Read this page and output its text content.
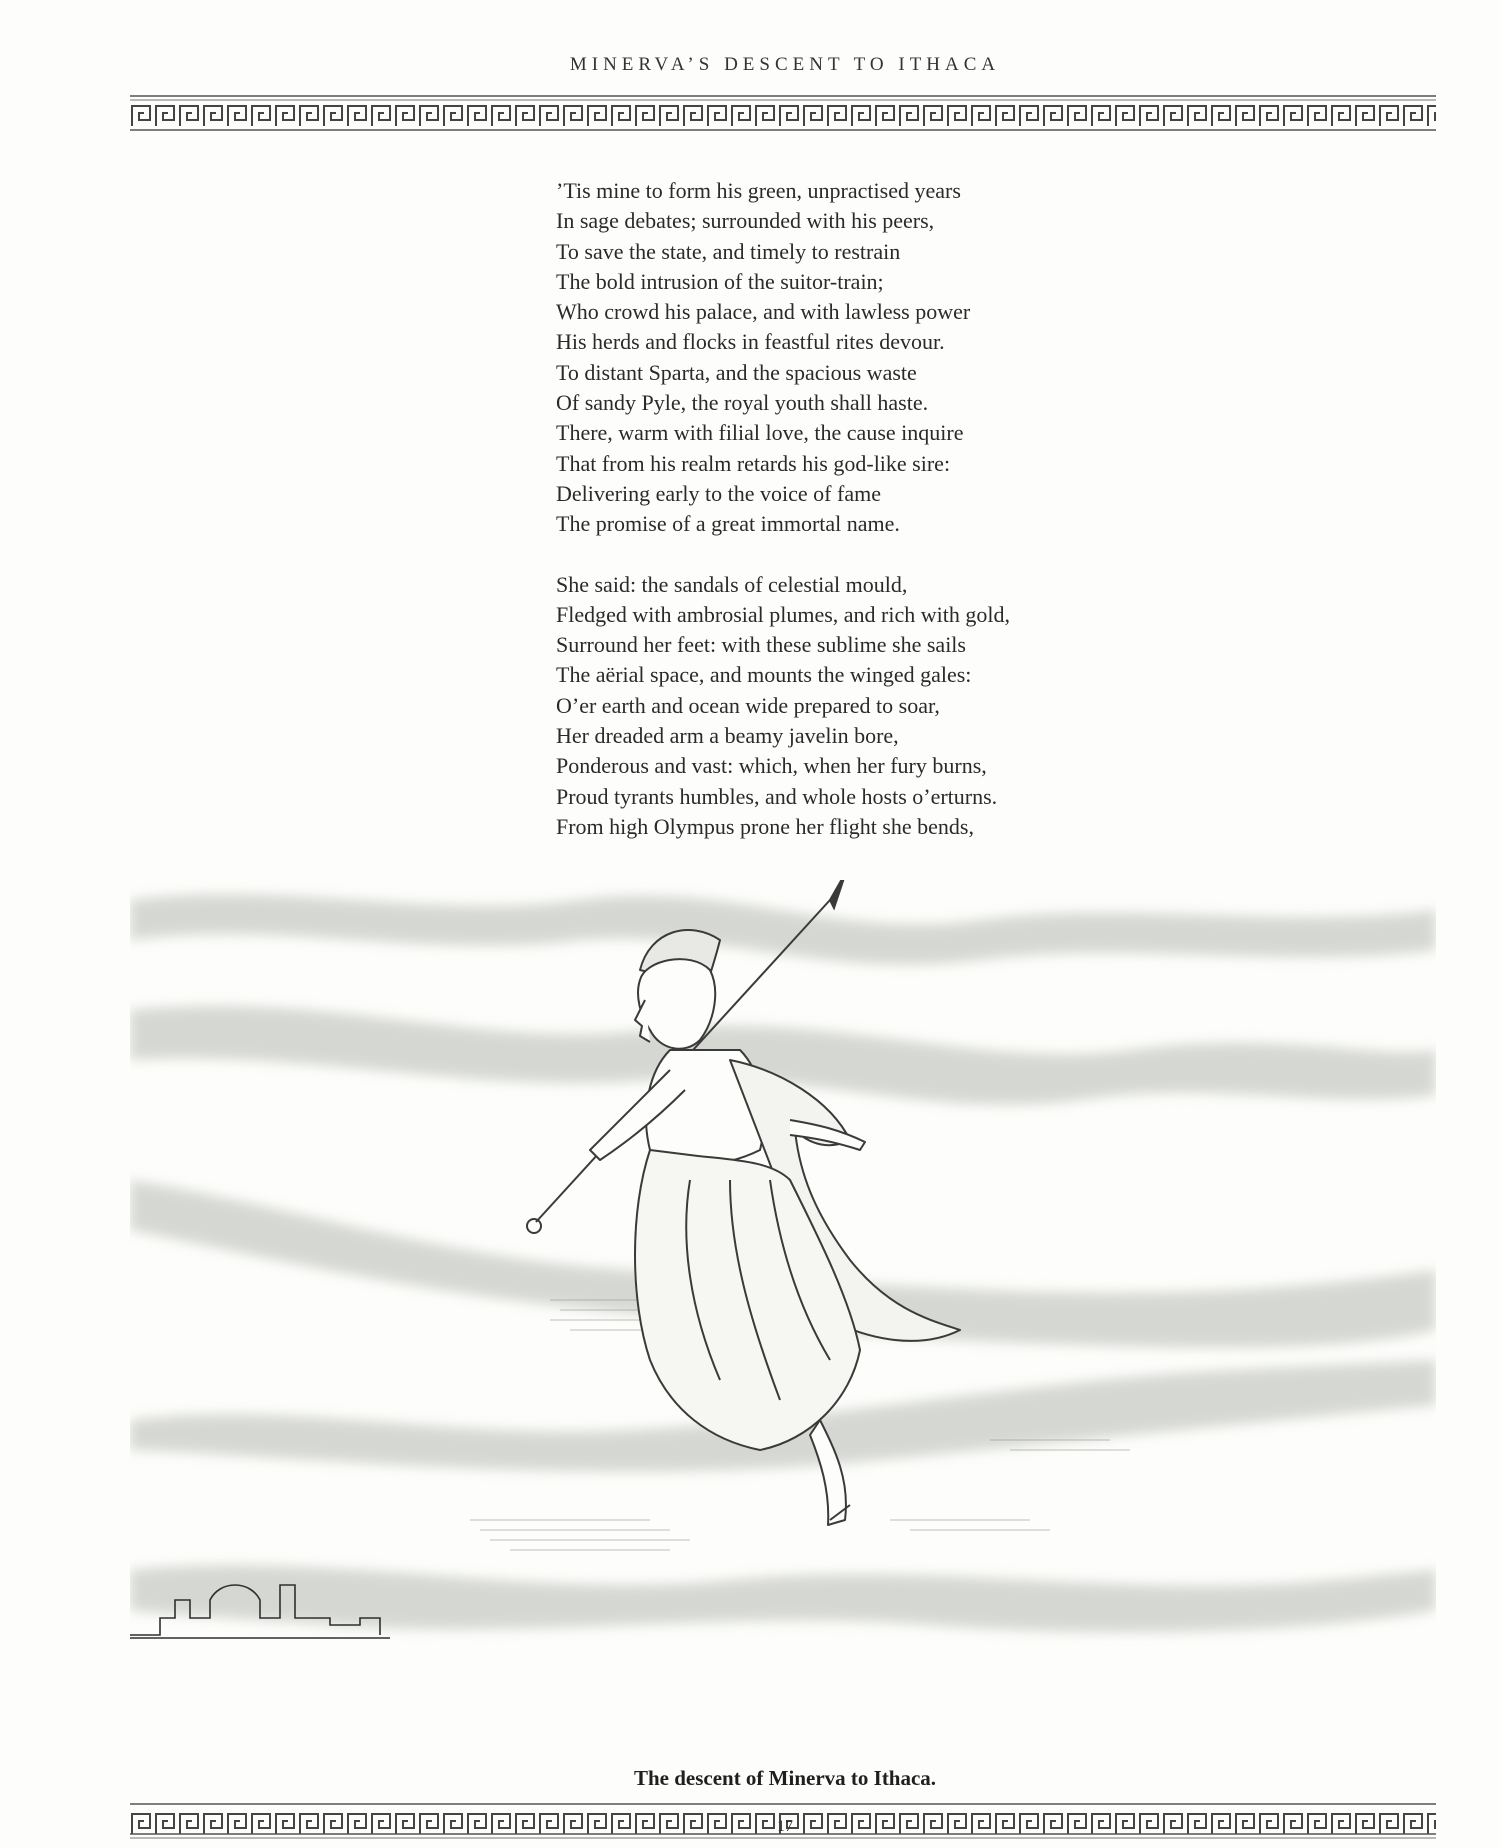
MINERVA’S DESCENT TO ITHACA
’Tis mine to form his green, unpractised years
In sage debates; surrounded with his peers,
To save the state, and timely to restrain
The bold intrusion of the suitor-train;
Who crowd his palace, and with lawless power
His herds and flocks in feastful rites devour.
To distant Sparta, and the spacious waste
Of sandy Pyle, the royal youth shall haste.
There, warm with filial love, the cause inquire
That from his realm retards his god-like sire:
Delivering early to the voice of fame
The promise of a great immortal name.
She said: the sandals of celestial mould,
Fledged with ambrosial plumes, and rich with gold,
Surround her feet: with these sublime she sails
The aërial space, and mounts the winged gales:
O’er earth and ocean wide prepared to soar,
Her dreaded arm a beamy javelin bore,
Ponderous and vast: which, when her fury burns,
Proud tyrants humbles, and whole hosts o’erturns.
From high Olympus prone her flight she bends,
The descent of Minerva to Ithaca.
17
